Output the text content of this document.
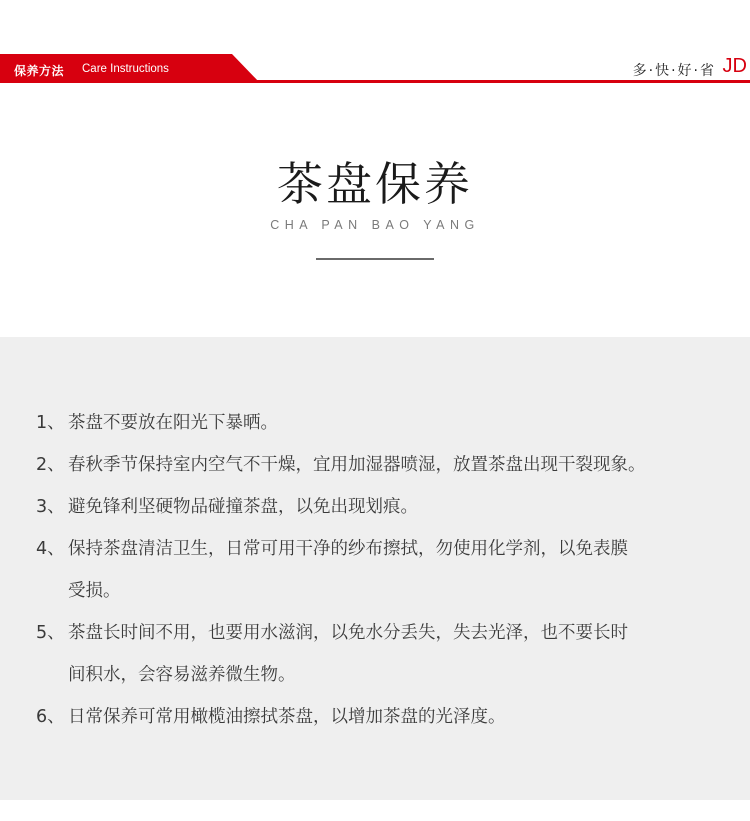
保养方法 Care Instructions	多·快·好·省 JD
茶盘保养
CHA PAN BAO YANG
1、 茶盘不要放在阳光下暴晒。
2、 春秋季节保持室内空气不干燥，宜用加湿器喷湿，放置茶盘出现干裂现象。
3、 避免锋利坚硬物品碰撞茶盘，以免出现划痕。
4、 保持茶盘清洁卫生，日常可用干净的纱布擦拭，勿使用化学剂，以免表膜
受损。
5、 茶盘长时间不用，也要用水滋润，以免水分丢失，失去光泽，也不要长时
间积水，会容易滋养微生物。
6、 日常保养可常用橄榄油擦拭茶盘，以增加茶盘的光泽度。
